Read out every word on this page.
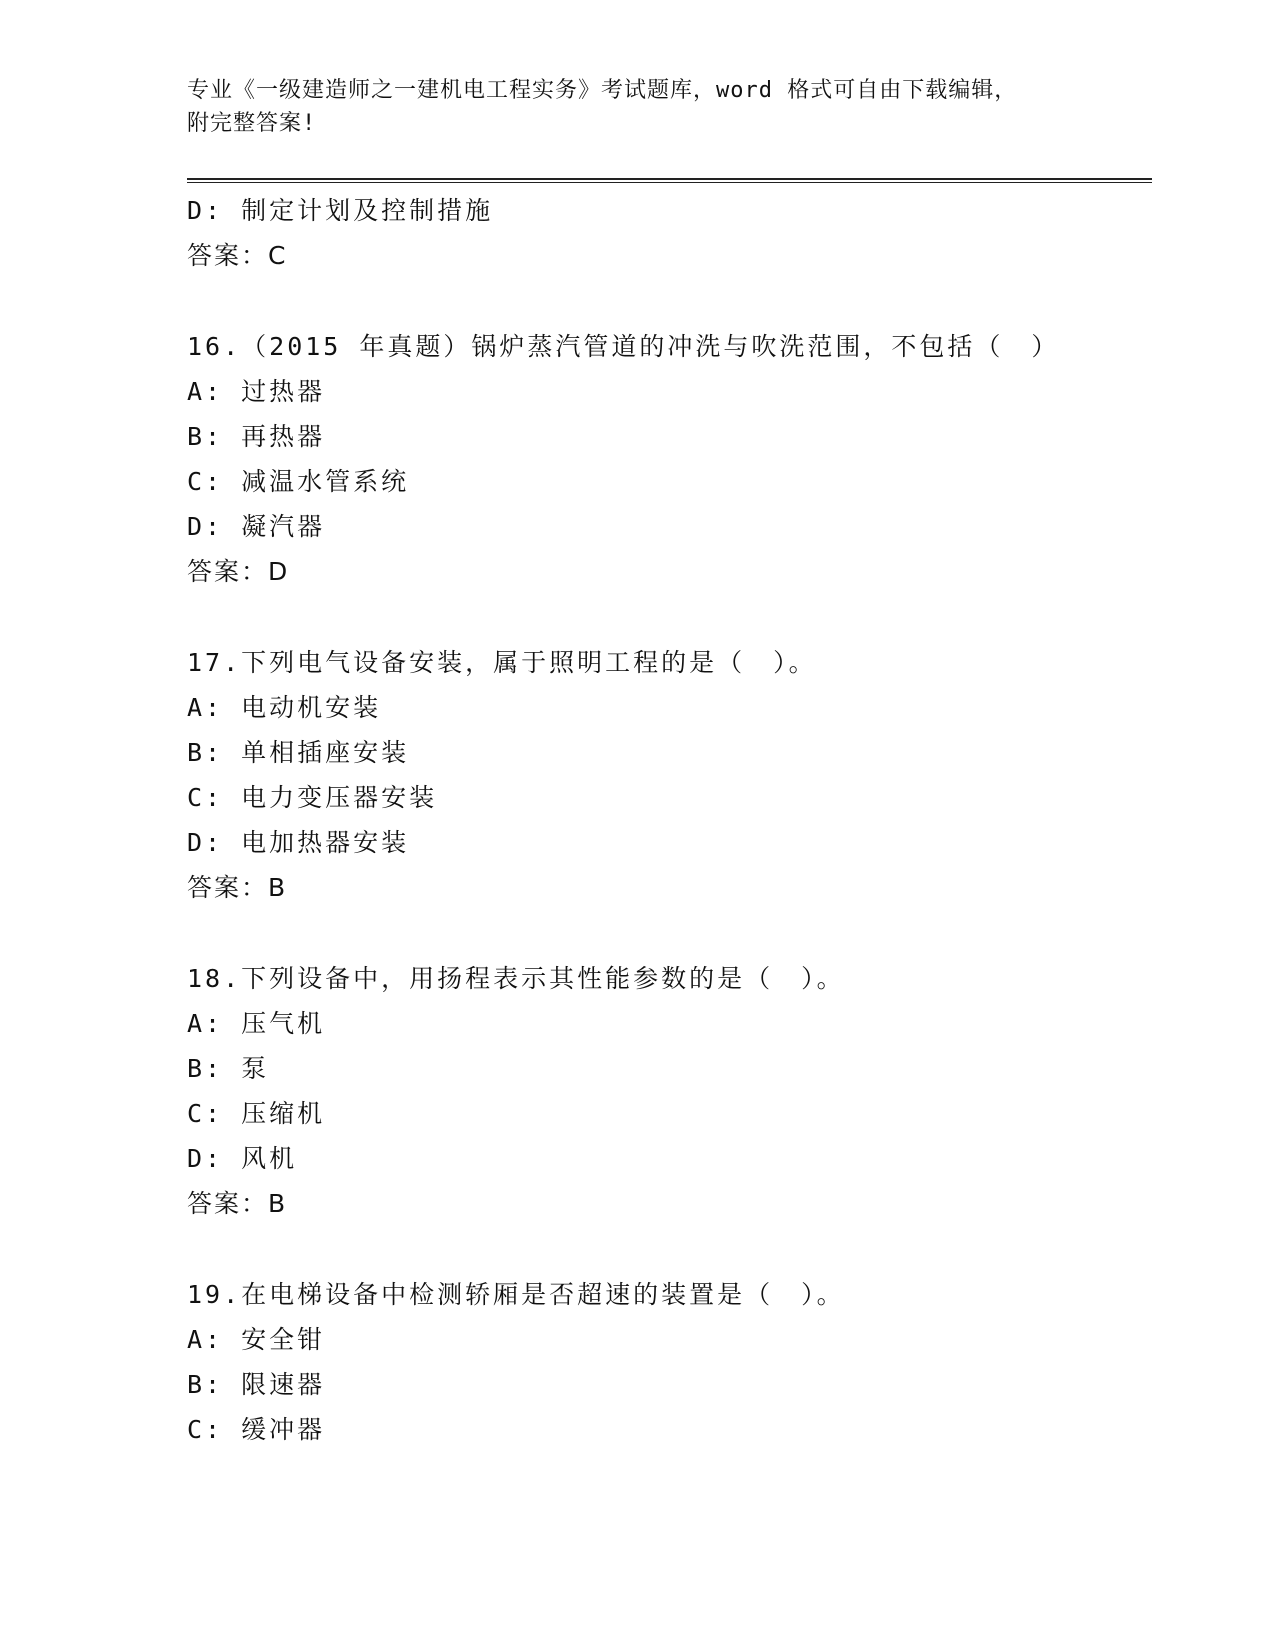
专业《一级建造师之一建机电工程实务》考试题库，word 格式可自由下载编辑，
附完整答案!
D: 制定计划及控制措施
答案：C
16.（2015 年真题）锅炉蒸汽管道的冲洗与吹洗范围，不包括（　）
A: 过热器
B: 再热器
C: 减温水管系统
D: 凝汽器
答案：D
17.下列电气设备安装，属于照明工程的是（　）。
A: 电动机安装
B: 单相插座安装
C: 电力变压器安装
D: 电加热器安装
答案：B
18.下列设备中，用扬程表示其性能参数的是（　）。
A: 压气机
B: 泵
C: 压缩机
D: 风机
答案：B
19.在电梯设备中检测轿厢是否超速的装置是（　）。
A: 安全钳
B: 限速器
C: 缓冲器
